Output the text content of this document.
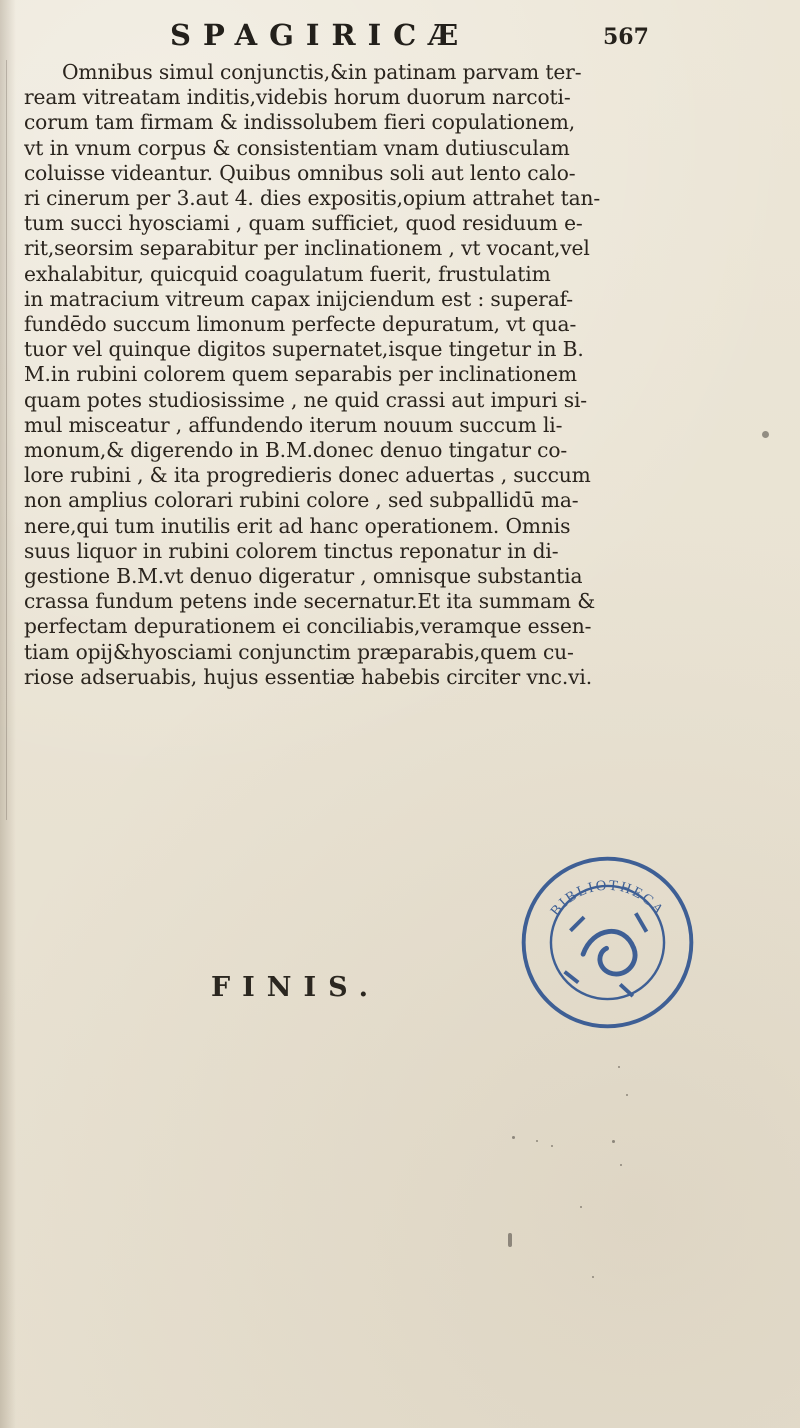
SPAGIRICÆ	567
Omnibus simul conjunctis,&in patinam parvam ter-
ream vitreatam inditis,videbis horum duorum narcoti-
corum tam firmam & indissolubem fieri copulationem,
vt in vnum corpus & consistentiam vnam dutiusculam
coluisse videantur. Quibus omnibus soli aut lento calo-
ri cinerum per 3.aut 4. dies expositis,opium attrahet tan-
tum succi hyosciami , quam sufficiet, quod residuum e-
rit,seorsim separabitur per inclinationem , vt vocant,vel
exhalabitur, quicquid coagulatum fuerit, frustulatim
in matracium vitreum capax inijciendum est : superaf-
fundēdo succum limonum perfecte depuratum, vt qua-
tuor vel quinque digitos supernatet,isque tingetur in B.
M.in rubini colorem quem separabis per inclinationem
quam potes studiosissime , ne quid crassi aut impuri si-
mul misceatur , affundendo iterum nouum succum li-
monum,& digerendo in B.M.donec denuo tingatur co-
lore rubini , & ita progredieris donec aduertas , succum
non amplius colorari rubini colore , sed subpallidū ma-
nere,qui tum inutilis erit ad hanc operationem. Omnis
suus liquor in rubini colorem tinctus reponatur in di-
gestione B.M.vt denuo digeratur , omnisque substantia
crassa fundum petens inde secernatur.Et ita summam &
perfectam depurationem ei conciliabis,veramque essen-
tiam opij&hyosciami conjunctim præparabis,quem cu-
riose adseruabis, hujus essentiæ habebis circiter vnc.vi.
FINIS.
BIBLIOTHECA
